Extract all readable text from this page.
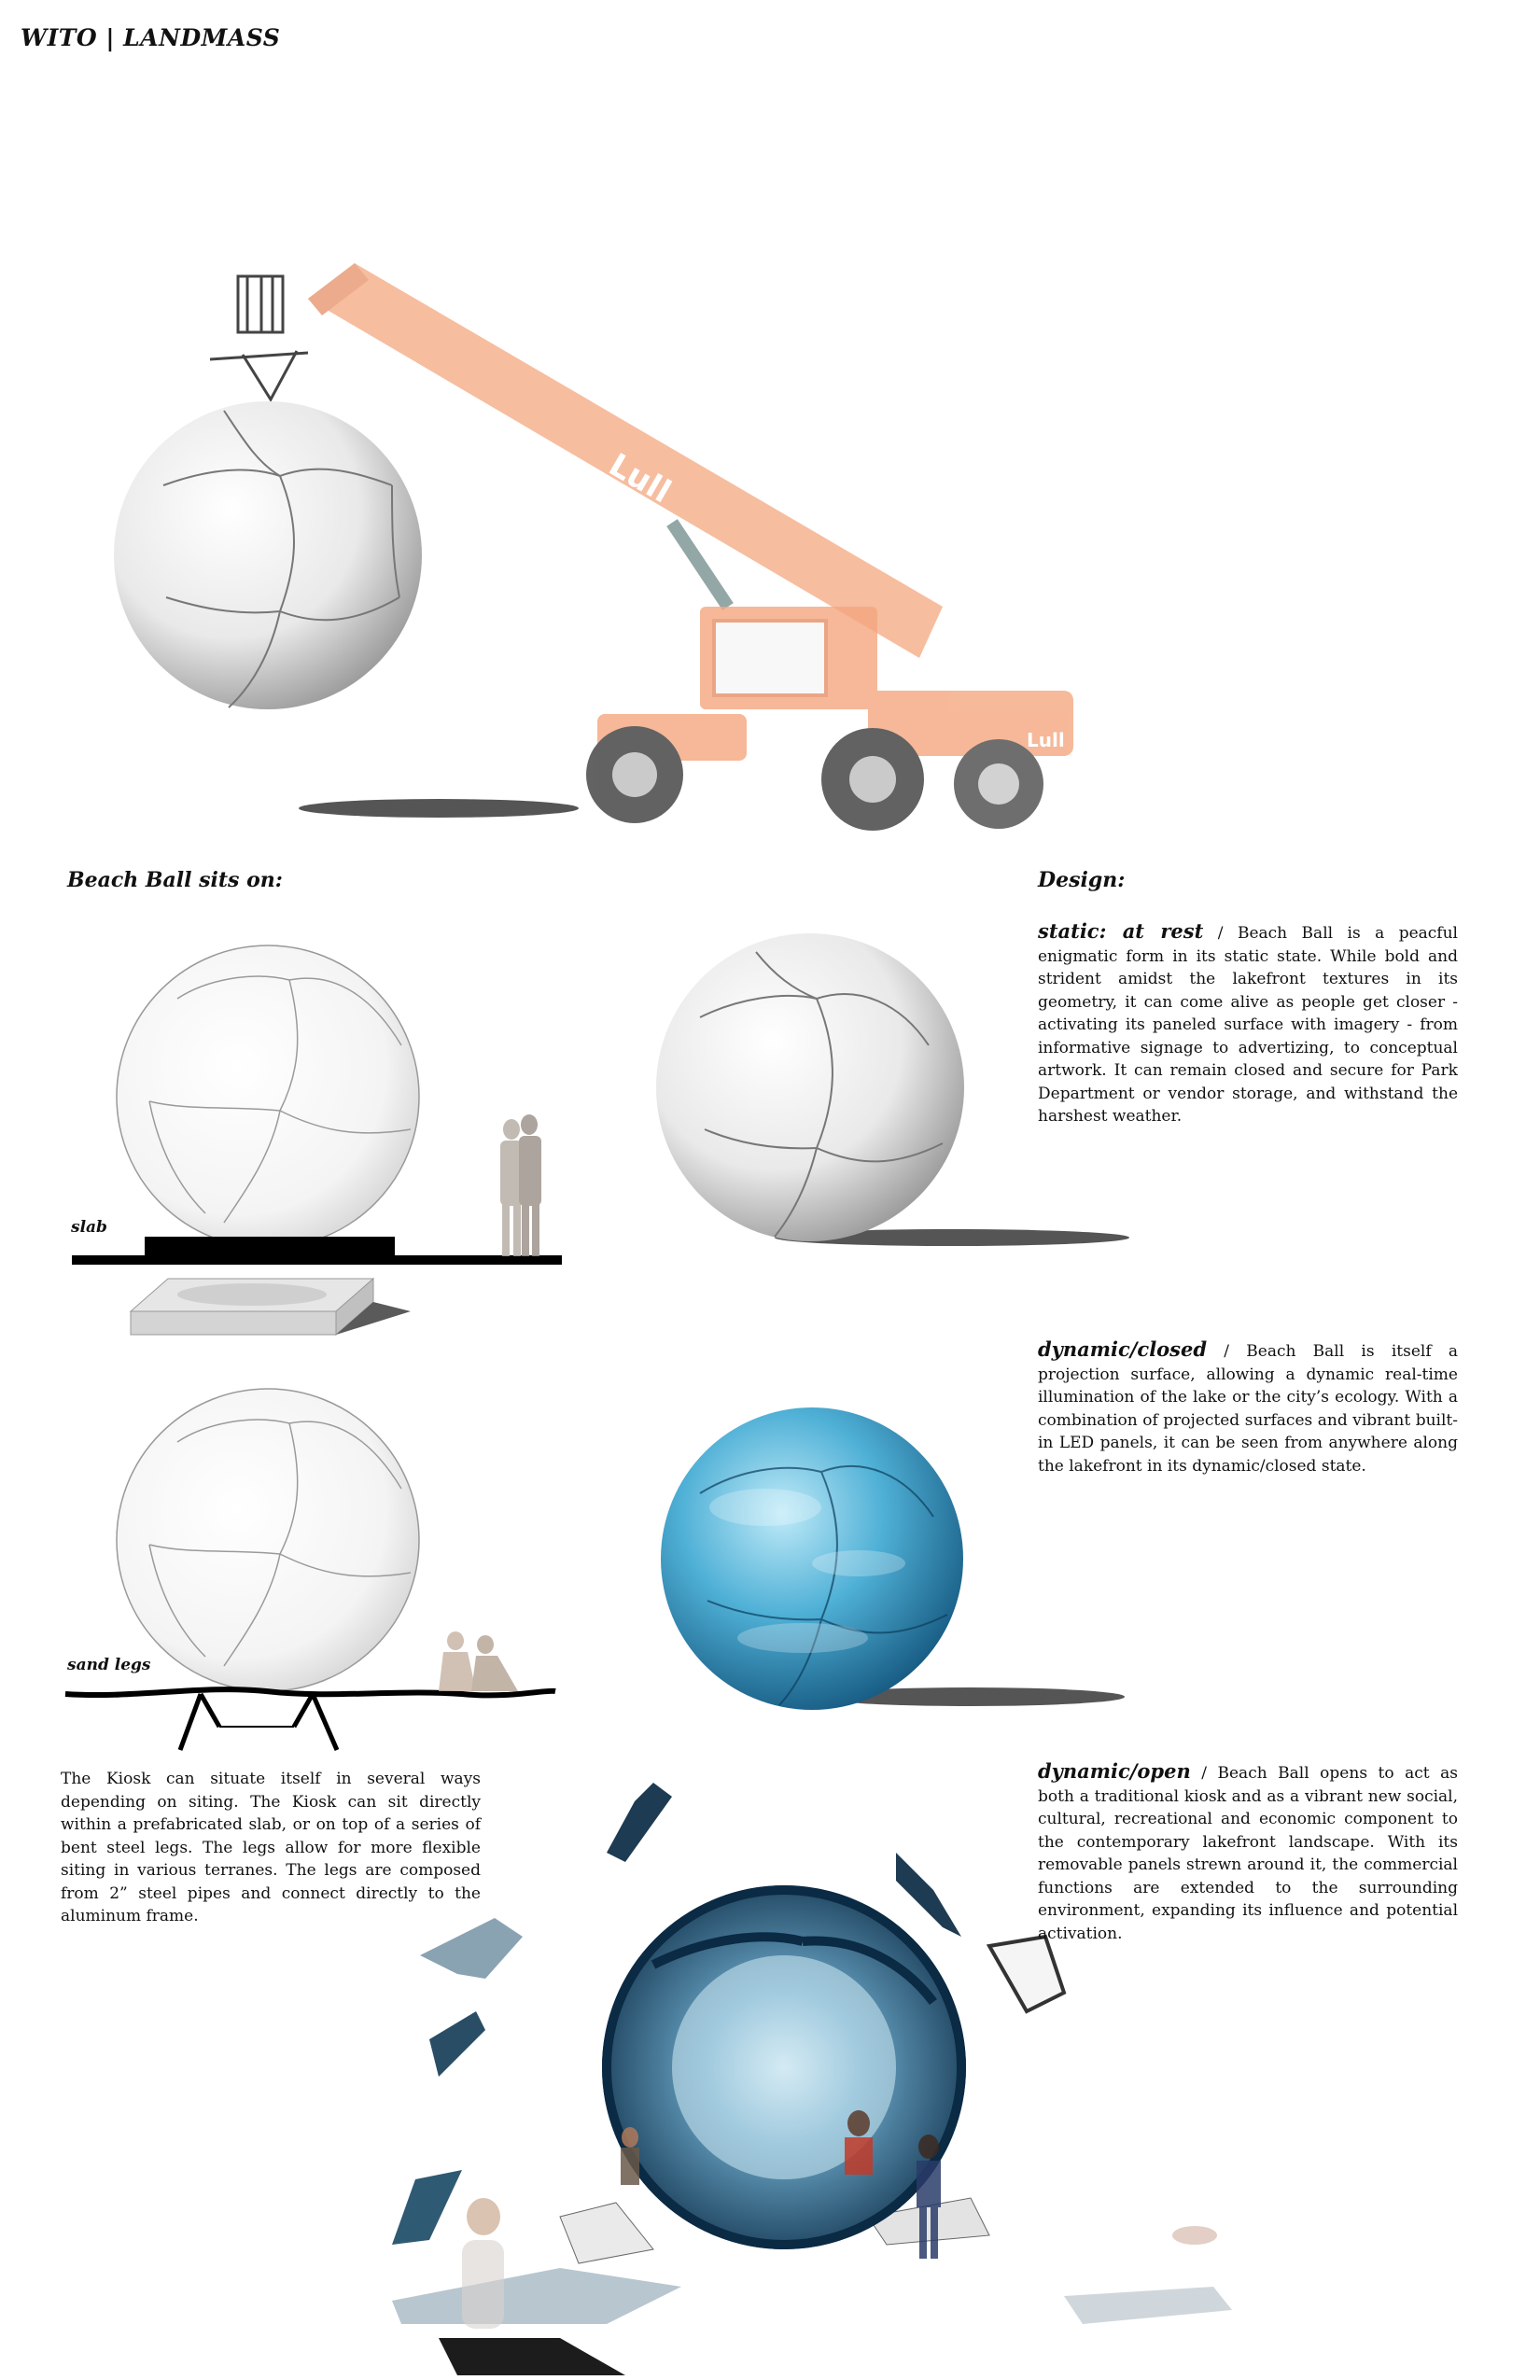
WITO | LANDMASS
Lull
Lull
Beach Ball sits on:
slab
sand legs
The Kiosk can situate itself in several ways depending on siting. The Kiosk can sit directly within a prefabricated slab, or on top of a series of bent steel legs. The legs allow for more flexible siting in various terranes. The legs are composed from 2” steel pipes and connect directly to the aluminum frame.
Design:
static: at rest / Beach Ball is a peacful enigmatic form in its static state. While bold and strident amidst the lakefront textures in its geometry, it can come alive as people get closer - activating its paneled surface with imagery - from informative signage to advertizing, to conceptual artwork. It can remain closed and secure for Park Department or vendor storage, and withstand the harshest weather.
dynamic/closed / Beach Ball is itself a projection surface, allowing a dynamic real-time illumination of the lake or the city’s ecology. With a combination of projected surfaces and vibrant built-in LED panels, it can be seen from anywhere along the lakefront in its dynamic/closed state.
dynamic/open / Beach Ball opens to act as both a traditional kiosk and as a vibrant new social, cultural, recreational and economic component to the contemporary lakefront landscape. With its removable panels strewn around it, the commercial functions are extended to the surrounding environment, expanding its influence and potential activation.
